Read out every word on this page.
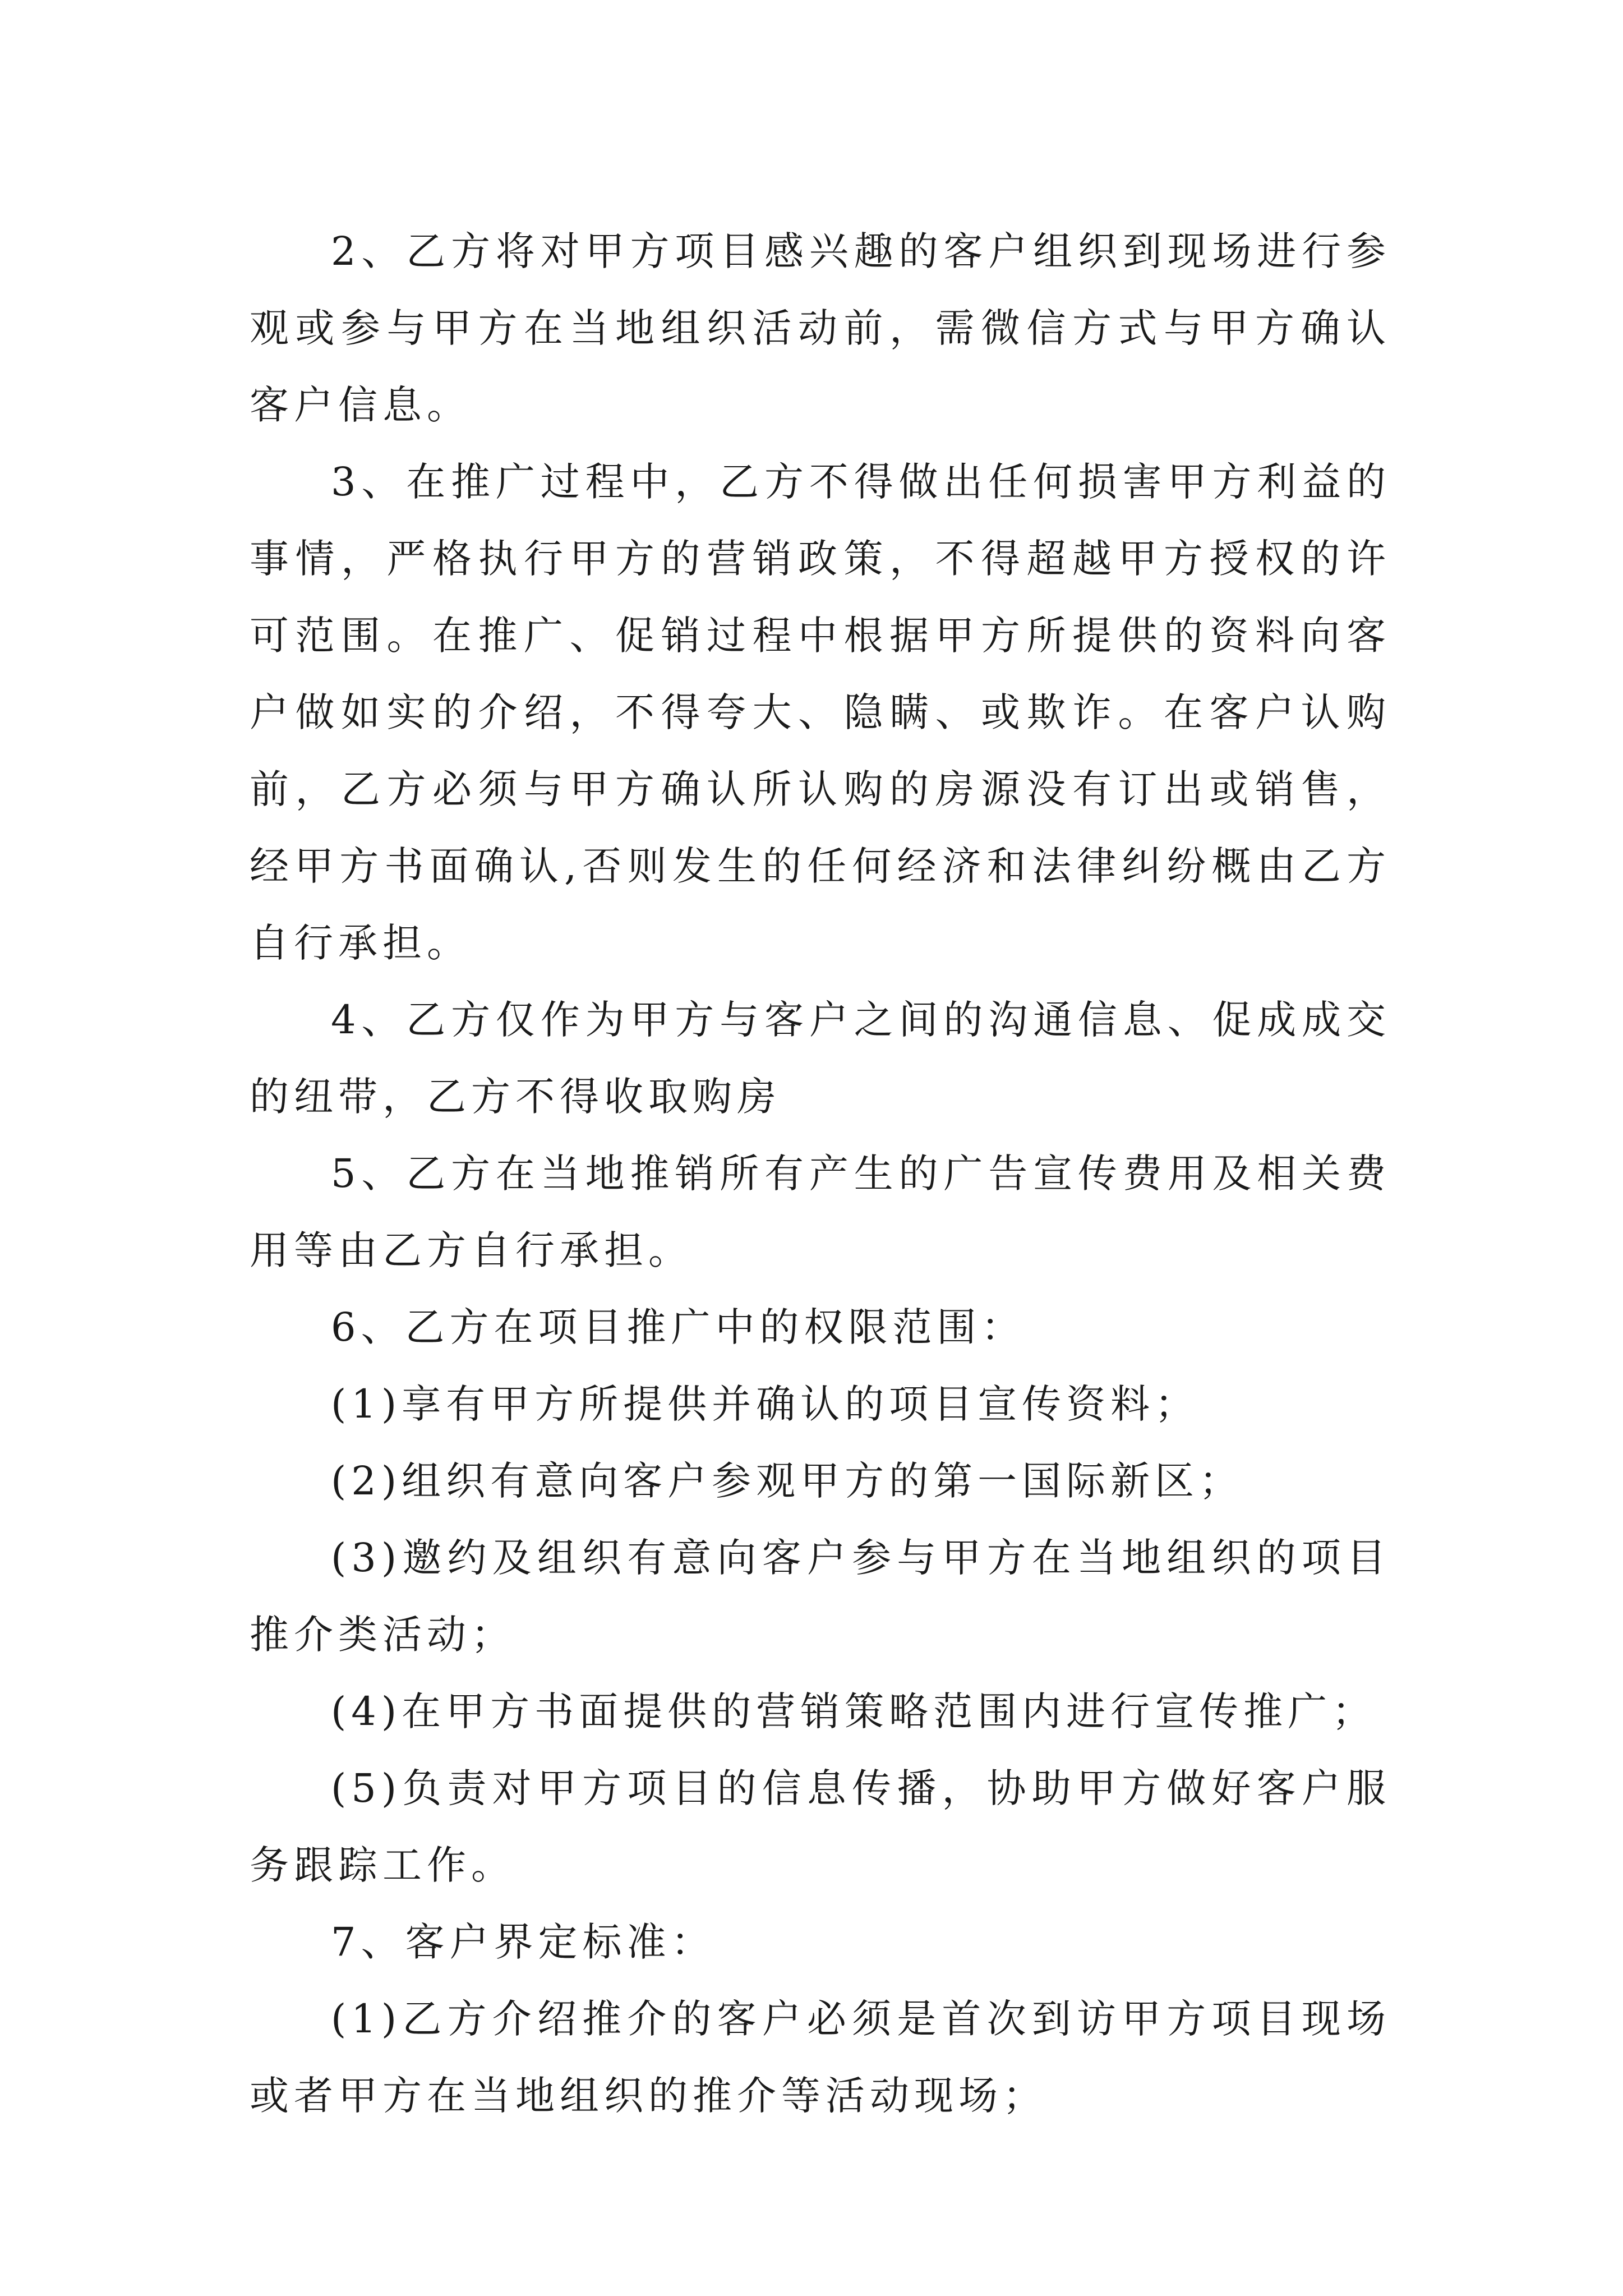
2、乙方将对甲方项目感兴趣的客户组织到现场进行参观或参与甲方在当地组织活动前，需微信方式与甲方确认客户信息。

3、在推广过程中，乙方不得做出任何损害甲方利益的事情，严格执行甲方的营销政策，不得超越甲方授权的许可范围。在推广、促销过程中根据甲方所提供的资料向客户做如实的介绍，不得夸大、隐瞒、或欺诈。在客户认购前，乙方必须与甲方确认所认购的房源没有订出或销售，经甲方书面确认,否则发生的任何经济和法律纠纷概由乙方自行承担。

4、乙方仅作为甲方与客户之间的沟通信息、促成成交的纽带，乙方不得收取购房

5、乙方在当地推销所有产生的广告宣传费用及相关费用等由乙方自行承担。

6、乙方在项目推广中的权限范围：

(1)享有甲方所提供并确认的项目宣传资料；

(2)组织有意向客户参观甲方的第一国际新区；

(3)邀约及组织有意向客户参与甲方在当地组织的项目推介类活动；

(4)在甲方书面提供的营销策略范围内进行宣传推广；

(5)负责对甲方项目的信息传播，协助甲方做好客户服务跟踪工作。

7、客户界定标准：

(1)乙方介绍推介的客户必须是首次到访甲方项目现场或者甲方在当地组织的推介等活动现场；
